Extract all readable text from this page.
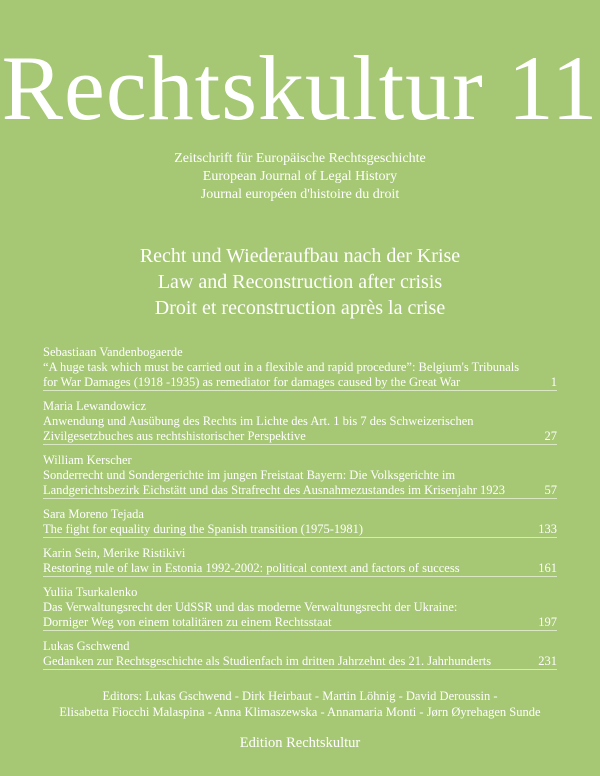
Rechtskultur 11
Zeitschrift für Europäische Rechtsgeschichte
European Journal of Legal History
Journal européen d'histoire du droit
Recht und Wiederaufbau nach der Krise
Law and Reconstruction after crisis
Droit et reconstruction après la crise
Sebastiaan Vandenbogaerde
“A huge task which must be carried out in a flexible and rapid procedure”: Belgium's Tribunals
for War Damages (1918 -1935) as remediator for damages caused by the Great War	1
Maria Lewandowicz
Anwendung und Ausübung des Rechts im Lichte des Art. 1 bis 7 des Schweizerischen
Zivilgesetzbuches aus rechtshistorischer Perspektive	27
William Kerscher
Sonderrecht und Sondergerichte im jungen Freistaat Bayern: Die Volksgerichte im
Landgerichtsbezirk Eichstätt und das Strafrecht des Ausnahmezustandes im Krisenjahr 1923	57
Sara Moreno Tejada
The fight for equality during the Spanish transition (1975-1981)	133
Karin Sein, Merike Ristikivi
Restoring rule of law in Estonia 1992-2002: political context and factors of success	161
Yuliia Tsurkalenko
Das Verwaltungsrecht der UdSSR und das moderne Verwaltungsrecht der Ukraine:
Dorniger Weg von einem totalitären zu einem Rechtsstaat	197
Lukas Gschwend
Gedanken zur Rechtsgeschichte als Studienfach im dritten Jahrzehnt des 21. Jahrhunderts	231
Editors: Lukas Gschwend - Dirk Heirbaut - Martin Löhnig - David Deroussin -
Elisabetta Fiocchi Malaspina - Anna Klimaszewska - Annamaria Monti - Jørn Øyrehagen Sunde
Edition Rechtskultur
